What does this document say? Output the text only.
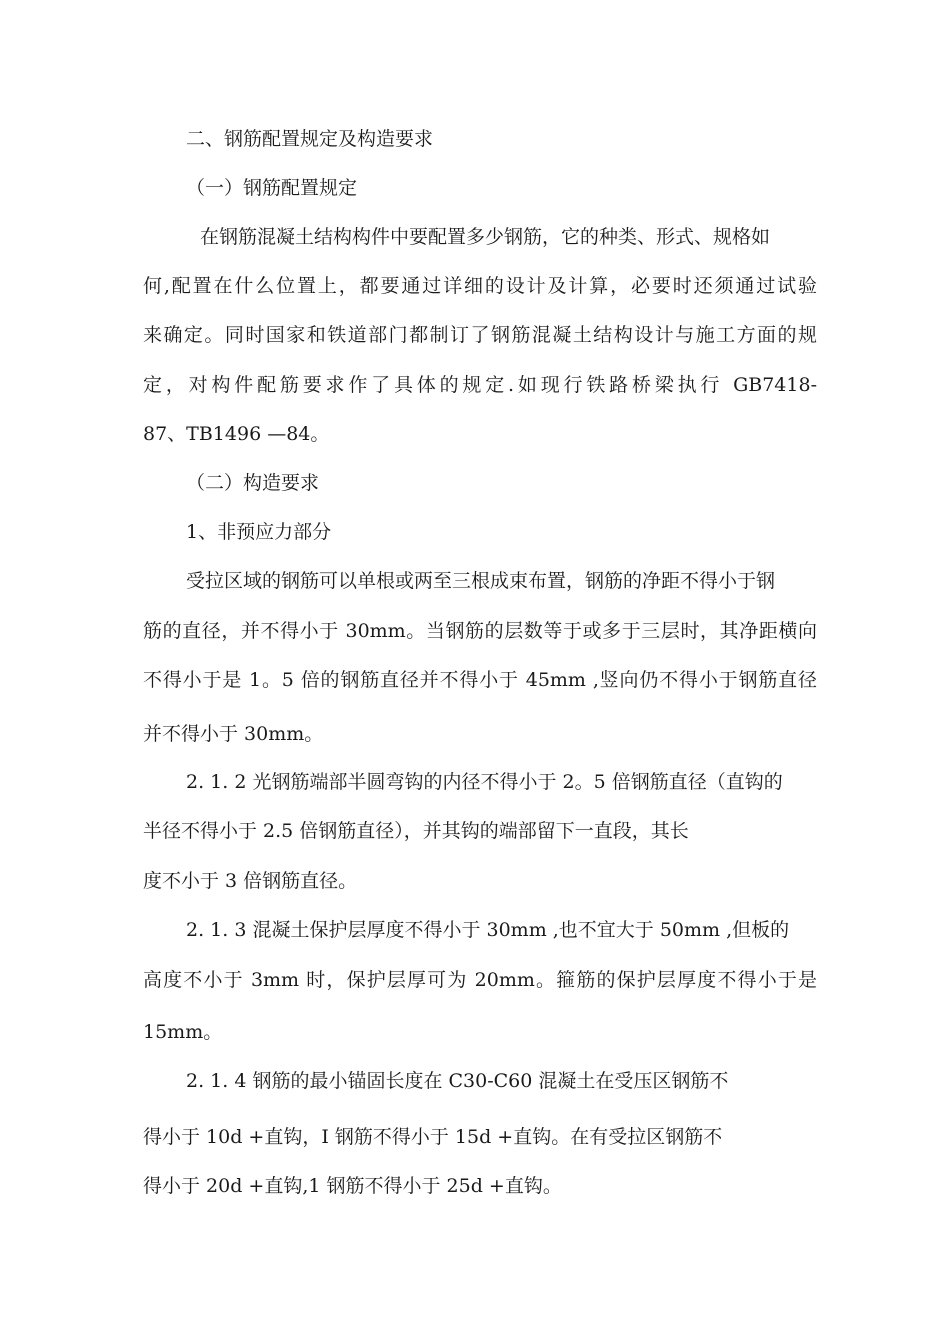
二、钢筋配置规定及构造要求
（一）钢筋配置规定
在钢筋混凝土结构构件中要配置多少钢筋，它的种类、形式、规格如
何,配置在什么位置上，都要通过详细的设计及计算，必要时还须通过试验
来确定。同时国家和铁道部门都制订了钢筋混凝土结构设计与施工方面的规
定，对构件配筋要求作了具体的规定.如现行铁路桥梁执行 GB7418-
87、TB1496 —84。
（二）构造要求
1、非预应力部分
受拉区域的钢筋可以单根或两至三根成束布置，钢筋的净距不得小于钢
筋的直径，并不得小于 30mm。当钢筋的层数等于或多于三层时，其净距横向
不得小于是 1。5 倍的钢筋直径并不得小于 45mm ,竖向仍不得小于钢筋直径
并不得小于 30mm。
2. 1. 2 光钢筋端部半圆弯钩的内径不得小于 2。5 倍钢筋直径（直钩的
半径不得小于 2.5 倍钢筋直径），并其钩的端部留下一直段，其长
度不小于 3 倍钢筋直径。
2. 1. 3 混凝土保护层厚度不得小于 30mm ,也不宜大于 50mm ,但板的
高度不小于 3mm 时，保护层厚可为 20mm。箍筋的保护层厚度不得小于是
15mm。
2. 1. 4 钢筋的最小锚固长度在 C30-C60 混凝土在受压区钢筋不
得小于 10d +直钩，I 钢筋不得小于 15d +直钩。在有受拉区钢筋不
得小于 20d +直钩,1 钢筋不得小于 25d +直钩。
